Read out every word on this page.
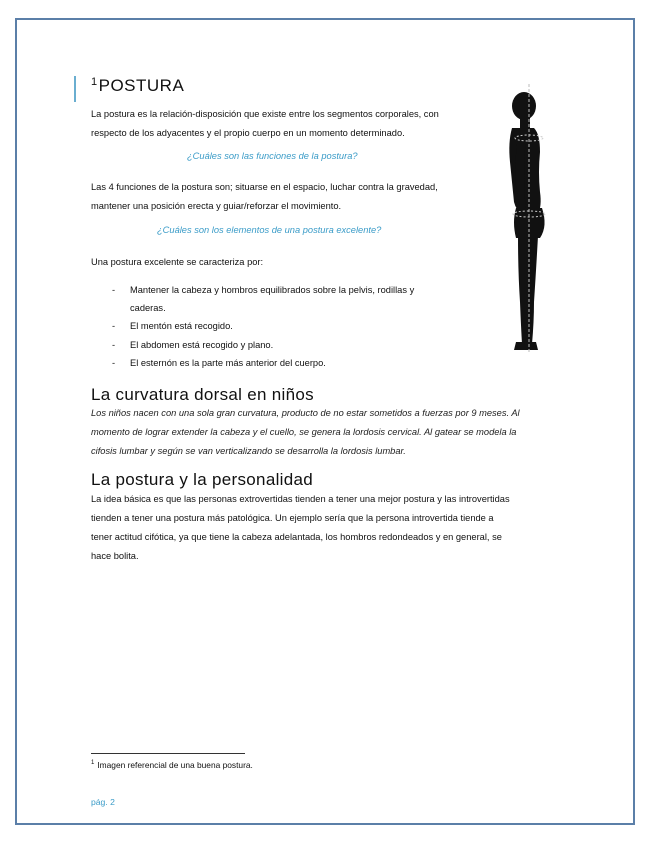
$^1$POSTURA
La postura es la relación-disposición que existe entre los segmentos corporales, con
respecto de los adyacentes y el propio cuerpo en un momento determinado.
¿Cuáles son las funciones de la postura?
Las 4 funciones de la postura son; situarse en el espacio, luchar contra la gravedad,
mantener una posición erecta y guiar/reforzar el movimiento.
¿Cuáles son los elementos de una postura excelente?
Una postura excelente se caracteriza por:
- Mantener la cabeza y hombros equilibrados sobre la pelvis, rodillas y
caderas.
- El mentón está recogido.
- El abdomen está recogido y plano.
- El esternón es la parte más anterior del cuerpo.
La curvatura dorsal en niños
Los niños nacen con una sola gran curvatura, producto de no estar sometidos a fuerzas por 9 meses. Al
momento de lograr extender la cabeza y el cuello, se genera la lordosis cervical. Al gatear se modela la
cifosis lumbar y según se van verticalizando se desarrolla la lordosis lumbar.
La postura y la personalidad
La idea básica es que las personas extrovertidas tienden a tener una mejor postura y las introvertidas
tienden a tener una postura más patológica. Un ejemplo sería que la persona introvertida tiende a
tener actitud cifótica, ya que tiene la cabeza adelantada, los hombros redondeados y en general, se
hace bolita.
$^1$ Imagen referencial de una buena postura.
pág. 2
